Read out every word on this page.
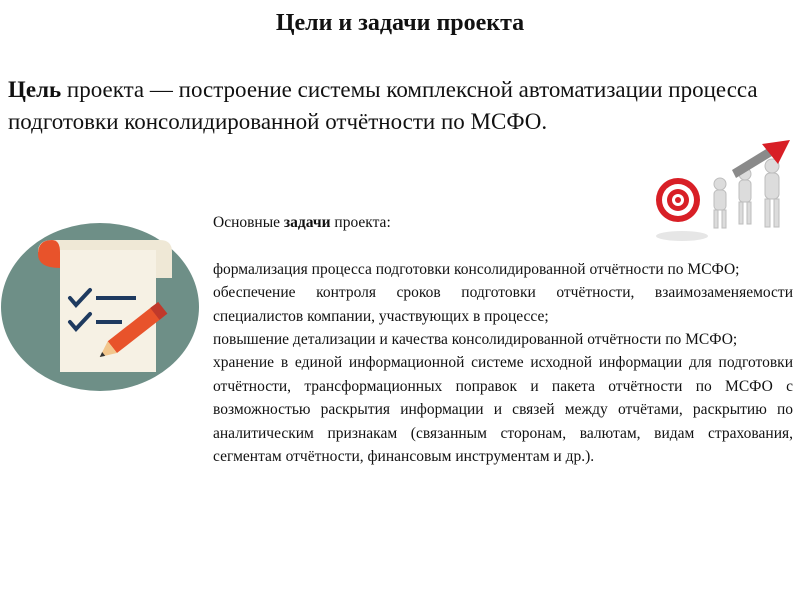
Цели и задачи проекта
Цель проекта — построение системы комплексной автоматизации процесса подготовки консолидированной отчётности по МСФО.

Основные задачи проекта:

формализация процесса подготовки консолидированной отчётности по МСФО;

обеспечение контроля сроков подготовки отчётности, взаимозаменяемости специалистов компании, участвующих в процессе;

повышение детализации и качества консолидированной отчётности по МСФО;

хранение в единой информационной системе исходной информации для подготовки отчётности, трансформационных поправок и пакета отчётности по МСФО с возможностью раскрытия информации и связей между отчётами, раскрытию по аналитическим признакам (связанным сторонам, валютам, видам страхования, сегментам отчётности, финансовым инструментам и др.).
